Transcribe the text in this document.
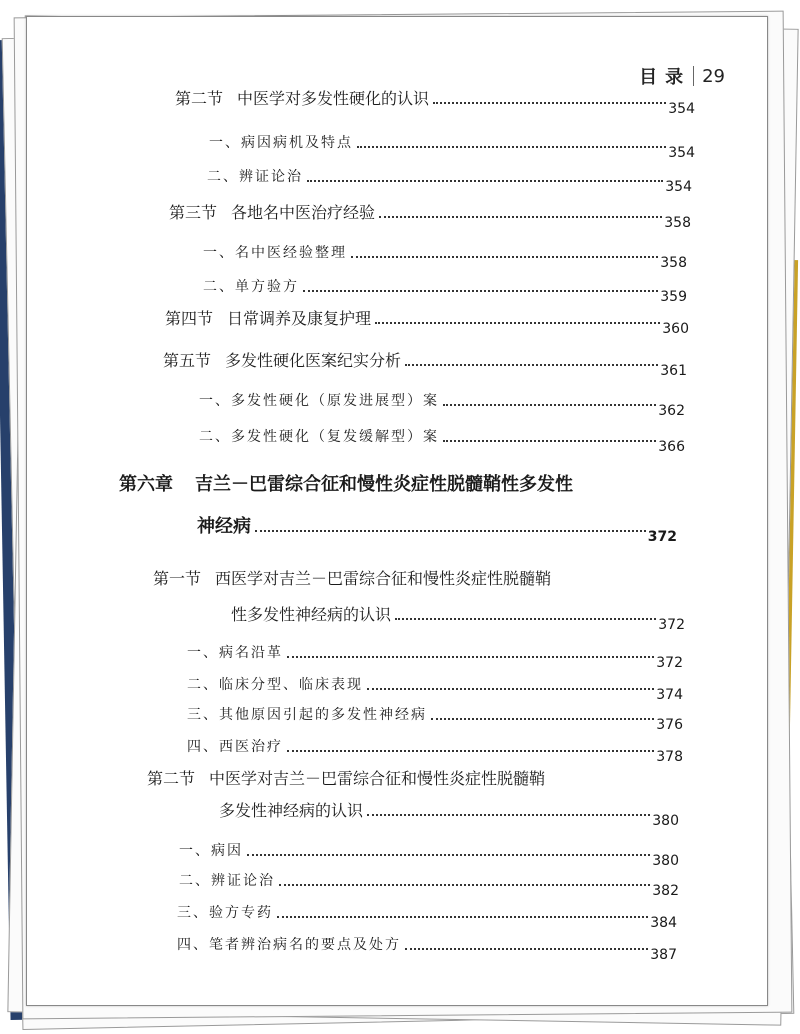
目录 29
第二节 中医学对多发性硬化的认识
354
一、病因病机及特点
354
二、辨证论治
354
第三节 各地名中医治疗经验
358
一、名中医经验整理
358
二、单方验方
359
第四节 日常调养及康复护理
360
第五节 多发性硬化医案纪实分析
361
一、多发性硬化（原发进展型）案
362
二、多发性硬化（复发缓解型）案
366
第六章 吉兰－巴雷综合征和慢性炎症性脱髓鞘性多发性
神经病	372
第一节 西医学对吉兰－巴雷综合征和慢性炎症性脱髓鞘
性多发性神经病的认识
372
一、病名沿革
372
二、临床分型、临床表现
374
三、其他原因引起的多发性神经病
376
四、西医治疗
378
第二节 中医学对吉兰－巴雷综合征和慢性炎症性脱髓鞘
多发性神经病的认识
380
一、病因
380
二、辨证论治
382
三、验方专药
384
四、笔者辨治病名的要点及处方
387
